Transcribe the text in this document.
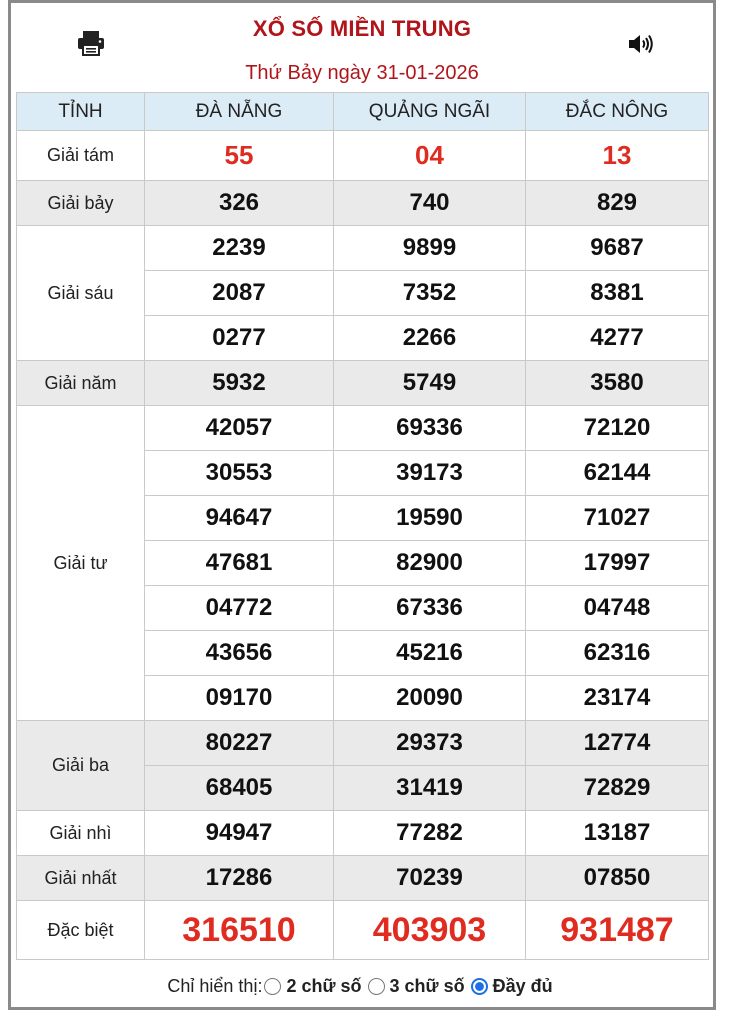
XỔ SỐ MIỀN TRUNG
Thứ Bảy ngày 31-01-2026
TỈNH	ĐÀ NẴNG	QUẢNG NGÃI	ĐẮC NÔNG
Giải tám	55	04	13
Giải bảy	326	740	829
Giải sáu	2239	9899	9687
	2087	7352	8381
	0277	2266	4277
Giải năm	5932	5749	3580
Giải tư	42057	69336	72120
	30553	39173	62144
	94647	19590	71027
	47681	82900	17997
	04772	67336	04748
	43656	45216	62316
	09170	20090	23174
Giải ba	80227	29373	12774
	68405	31419	72829
Giải nhì	94947	77282	13187
Giải nhất	17286	70239	07850
Đặc biệt	316510	403903	931487
Chỉ hiển thị: 2 chữ số 3 chữ số Đầy đủ
